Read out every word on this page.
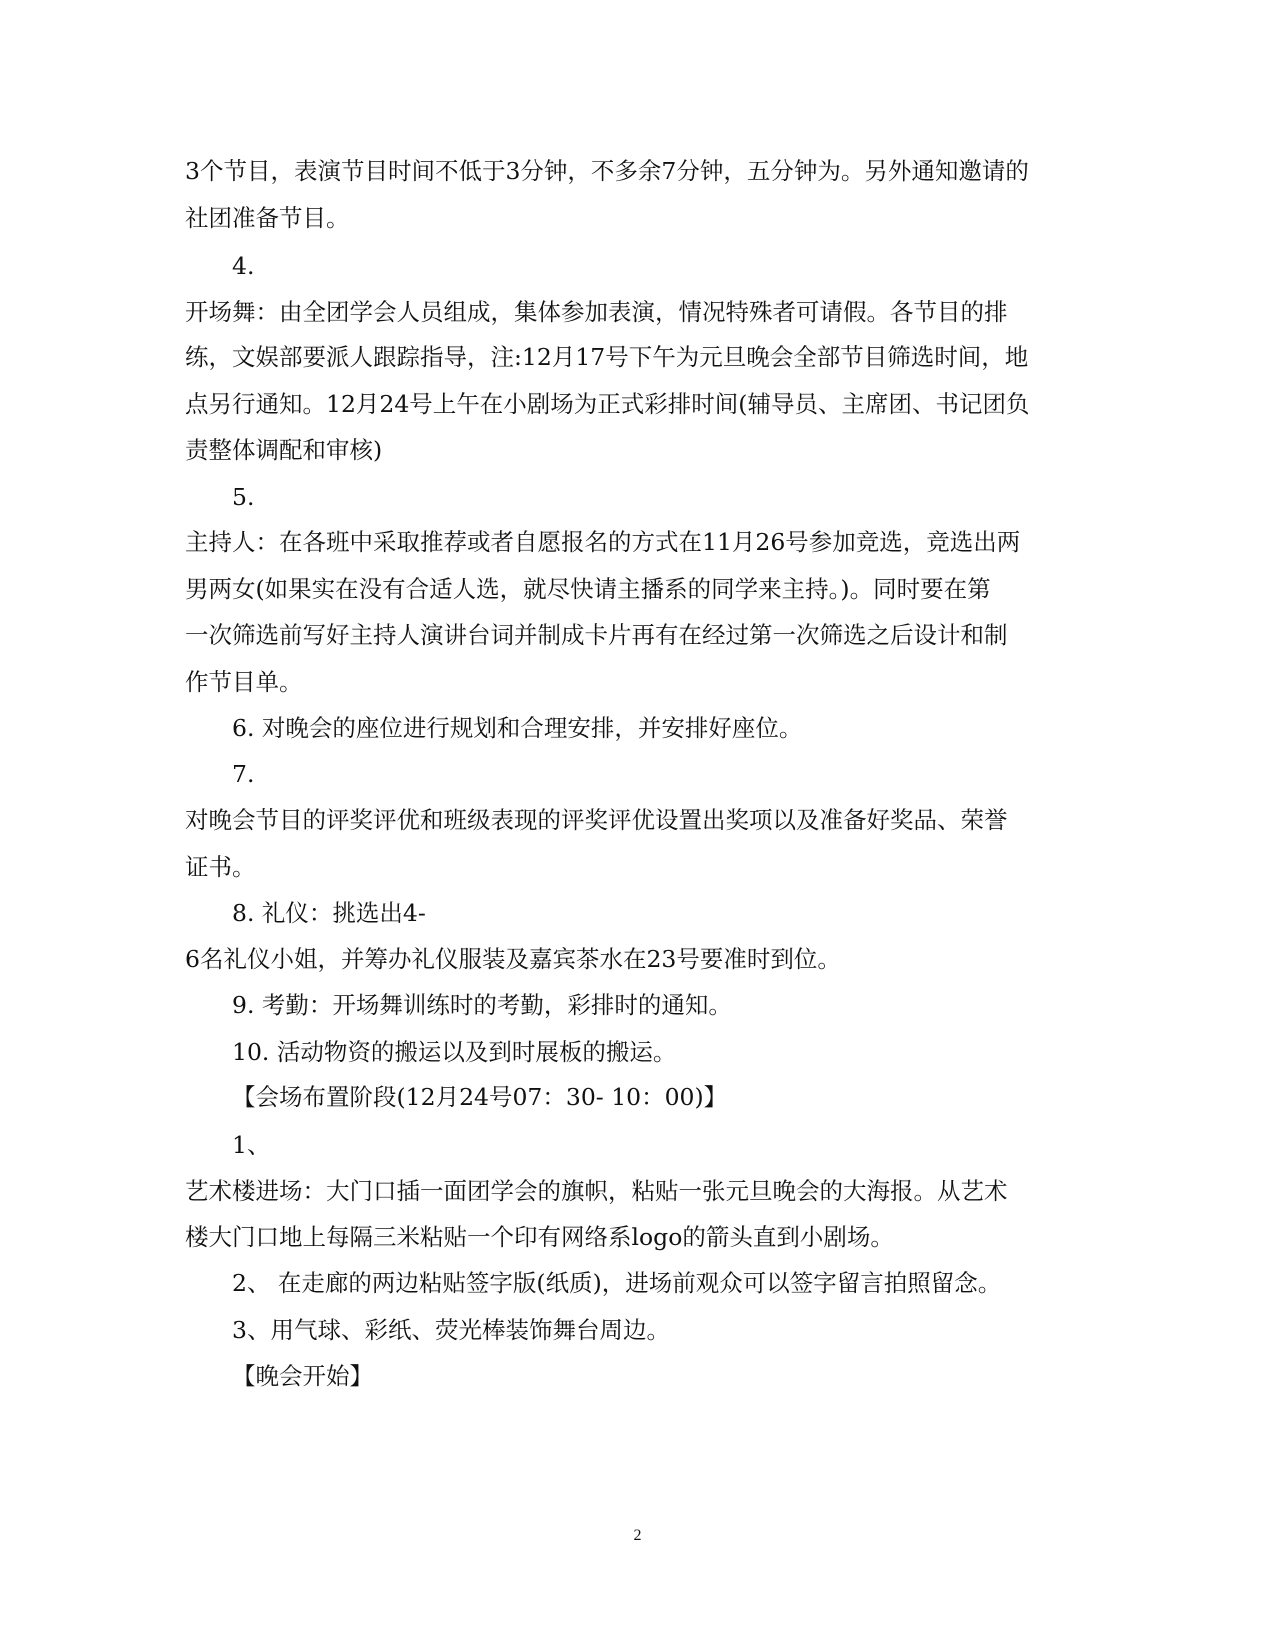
3个节目，表演节目时间不低于3分钟，不多余7分钟，五分钟为。另外通知邀请的
社团准备节目。
4.
开场舞：由全团学会人员组成，集体参加表演，情况特殊者可请假。各节目的排
练，文娱部要派人跟踪指导，注:12月17号下午为元旦晚会全部节目筛选时间，地
点另行通知。12月24号上午在小剧场为正式彩排时间(辅导员、主席团、书记团负
责整体调配和审核)
5.
主持人：在各班中采取推荐或者自愿报名的方式在11月26号参加竞选，竞选出两
男两女(如果实在没有合适人选，就尽快请主播系的同学来主持。)。同时要在第
一次筛选前写好主持人演讲台词并制成卡片再有在经过第一次筛选之后设计和制
作节目单。
6. 对晚会的座位进行规划和合理安排，并安排好座位。
7.
对晚会节目的评奖评优和班级表现的评奖评优设置出奖项以及准备好奖品、荣誉
证书。
8. 礼仪：挑选出4-
6名礼仪小姐，并筹办礼仪服装及嘉宾茶水在23号要准时到位。
9. 考勤：开场舞训练时的考勤，彩排时的通知。
10. 活动物资的搬运以及到时展板的搬运。
【会场布置阶段(12月24号07：30- 10：00)】
1、
艺术楼进场：大门口插一面团学会的旗帜，粘贴一张元旦晚会的大海报。从艺术
楼大门口地上每隔三米粘贴一个印有网络系logo的箭头直到小剧场。
2、 在走廊的两边粘贴签字版(纸质)，进场前观众可以签字留言拍照留念。
3、用气球、彩纸、荧光棒装饰舞台周边。
【晚会开始】
2
